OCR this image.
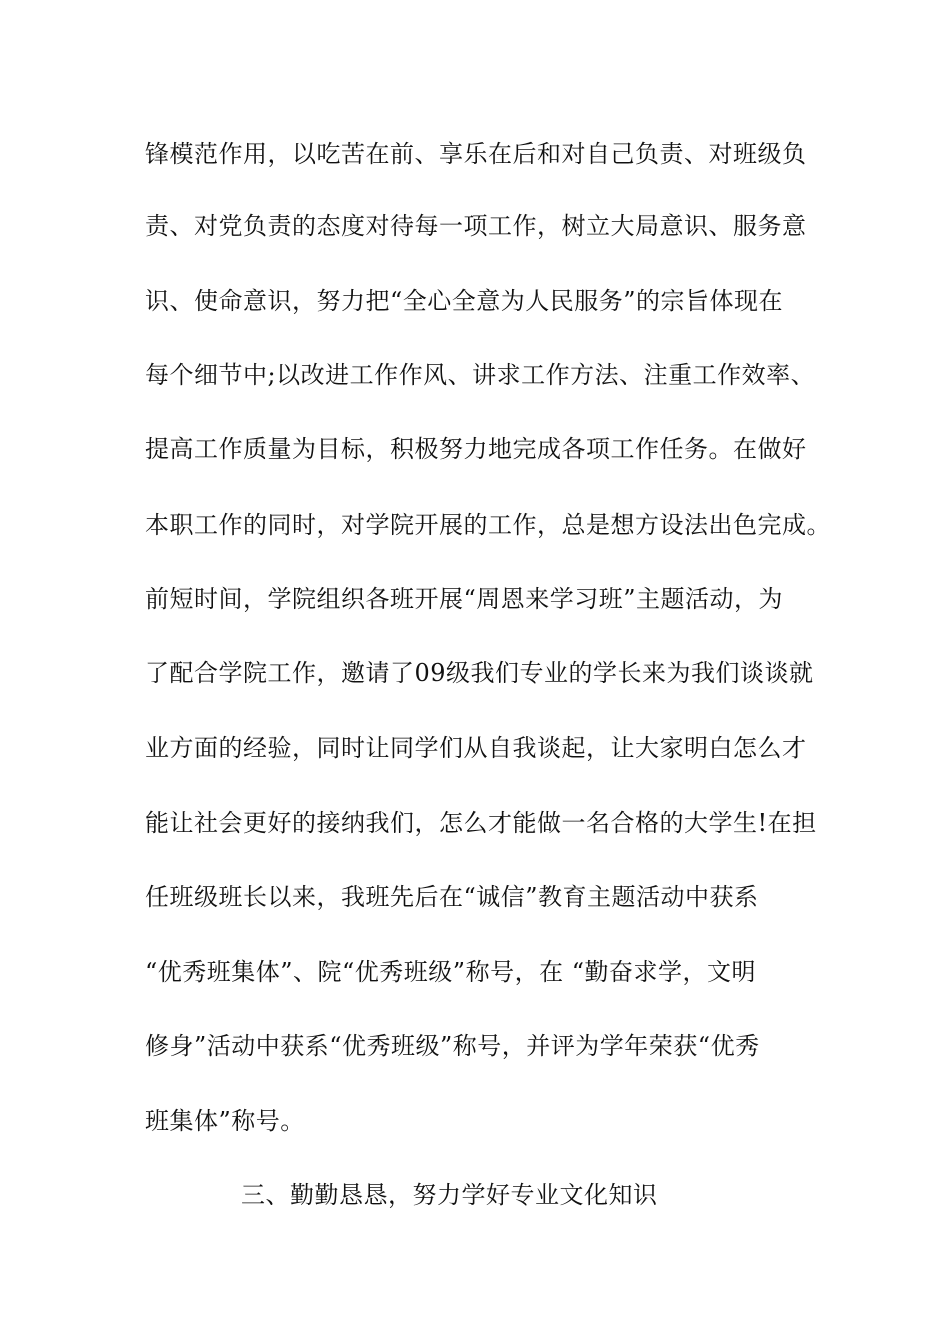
锋模范作用，以吃苦在前、享乐在后和对自己负责、对班级负
责、对党负责的态度对待每一项工作，树立大局意识、服务意
识、使命意识，努力把“全心全意为人民服务”的宗旨体现在
每个细节中;以改进工作作风、讲求工作方法、注重工作效率、
提高工作质量为目标，积极努力地完成各项工作任务。在做好
本职工作的同时，对学院开展的工作，总是想方设法出色完成。
前短时间，学院组织各班开展“周恩来学习班”主题活动，为
了配合学院工作，邀请了09级我们专业的学长来为我们谈谈就
业方面的经验，同时让同学们从自我谈起，让大家明白怎么才
能让社会更好的接纳我们，怎么才能做一名合格的大学生!在担
任班级班长以来，我班先后在“诚信”教育主题活动中获系
“优秀班集体”、院“优秀班级”称号，在 “勤奋求学，文明
修身”活动中获系“优秀班级”称号，并评为学年荣获“优秀
班集体”称号。
三、勤勤恳恳，努力学好专业文化知识
